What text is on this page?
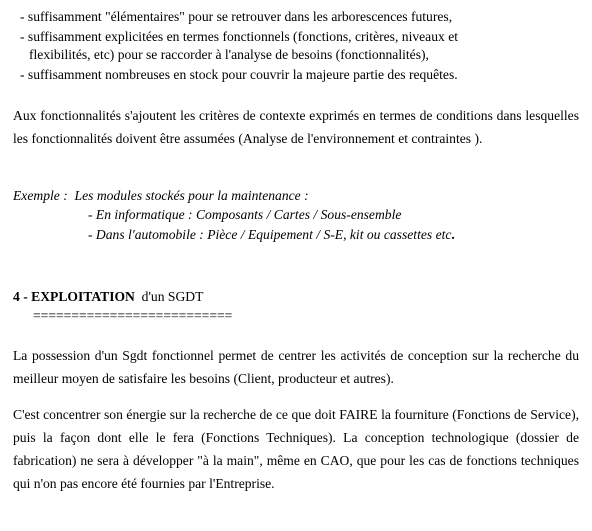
- suffisamment "élémentaires" pour se retrouver dans les arborescences futures,
- suffisamment explicitées en termes fonctionnels (fonctions, critères, niveaux et
flexibilités, etc) pour se raccorder à l'analyse de besoins (fonctionnalités),
- suffisamment nombreuses en stock pour couvrir la majeure partie des requêtes.

Aux fonctionnalités s'ajoutent les critères de contexte exprimés en termes de conditions dans lesquelles les fonctionnalités doivent être assumées (Analyse de l'environnement et contraintes ).

Exemple : Les modules stockés pour la maintenance :
- En informatique : Composants / Cartes / Sous-ensemble
- Dans l'automobile : Pièce / Equipement / S-E, kit ou cassettes etc.
4 - EXPLOITATION d'un SGDT
==========================

La possession d'un Sgdt fonctionnel permet de centrer les activités de conception sur la recherche du meilleur moyen de satisfaire les besoins (Client, producteur et autres).

C'est concentrer son énergie sur la recherche de ce que doit FAIRE la fourniture (Fonctions de Service), puis la façon dont elle le fera (Fonctions Techniques). La conception technologique (dossier de fabrication) ne sera à développer "à la main", même en CAO, que pour les cas de fonctions techniques qui n'on pas encore été fournies par l'Entreprise.
